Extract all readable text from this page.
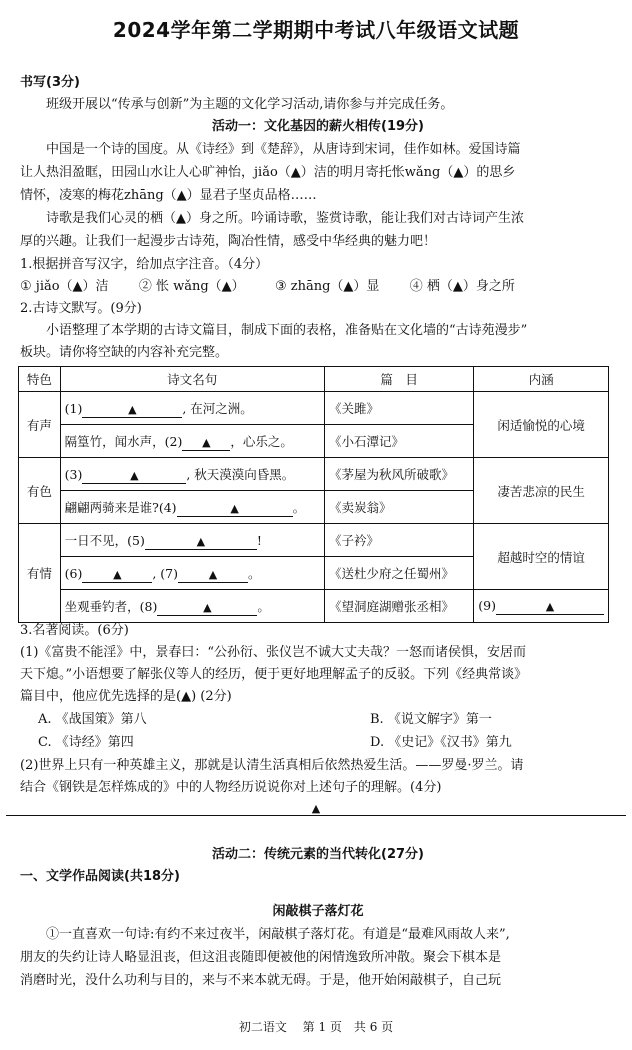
2024学年第二学期期中考试八年级语文试题
书写(3分)
班级开展以“传承与创新”为主题的文化学习活动,请你参与并完成任务。
活动一：文化基因的薪火相传(19分)
中国是一个诗的国度。从《诗经》到《楚辞》，从唐诗到宋词，佳作如林。爱国诗篇
让人热泪盈眶，田园山水让人心旷神怡，jiǎo（▲）洁的明月寄托怅wǎng（▲）的思乡
情怀，凌寒的梅花zhāng（▲）显君子坚贞品格……
诗歌是我们心灵的栖（▲）身之所。吟诵诗歌，鉴赏诗歌，能让我们对古诗词产生浓
厚的兴趣。让我们一起漫步古诗苑，陶冶性情，感受中华经典的魅力吧！
1.根据拼音写汉字，给加点字注音。（4分）
① jiǎo（▲）洁 ② 怅 wǎng（▲） ③ zhāng（▲）显 ④ 栖（▲）身之所
2.古诗文默写。(9分)
小语整理了本学期的古诗文篇目，制成下面的表格，准备贴在文化墙的“古诗苑漫步”
板块。请你将空缺的内容补充完整。
特色	诗文名句	篇　目	内涵
有声	(1) ▲ , 在河之洲。	《关雎》	闲适愉悦的心境
	隔篁竹，闻水声，(2) ▲ ，心乐之。	《小石潭记》	
有色	(3) ▲ , 秋天漠漠向昏黑。	《茅屋为秋风所破歌》	凄苦悲凉的民生
	翩翩两骑来是谁?(4) ▲ 。	《卖炭翁》	
有情	一日不见，(5) ▲ !	《子衿》	超越时空的情谊
	(6) ▲ , (7) ▲ 。	《送杜少府之任蜀州》	
	坐观垂钓者，(8) ▲ 。	《望洞庭湖赠张丞相》	(9) ▲
3.名著阅读。(6分)
(1)《富贵不能淫》中，景春曰：“公孙衍、张仪岂不诚大丈夫哉？一怒而诸侯惧，安居而
天下熄。”小语想要了解张仪等人的经历，便于更好地理解孟子的反驳。下列《经典常谈》
篇目中，他应优先选择的是(▲) (2分)
A. 《战国策》第八	B. 《说文解字》第一
C. 《诗经》第四	D. 《史记》《汉书》第九
(2)世界上只有一种英雄主义，那就是认清生活真相后依然热爱生活。——罗曼·罗兰。请
结合《钢铁是怎样炼成的》中的人物经历说说你对上述句子的理解。(4分)
▲
活动二：传统元素的当代转化(27分)
一、文学作品阅读(共18分)
闲敲棋子落灯花
①一直喜欢一句诗:有约不来过夜半，闲敲棋子落灯花。有道是“最难风雨故人来”,
朋友的失约让诗人略显沮丧，但这沮丧随即便被他的闲情逸致所冲散。聚会下棋本是
消磨时光，没什么功利与目的，来与不来本就无碍。于是，他开始闲敲棋子，自己玩
初二语文　 第 1 页　共 6 页
